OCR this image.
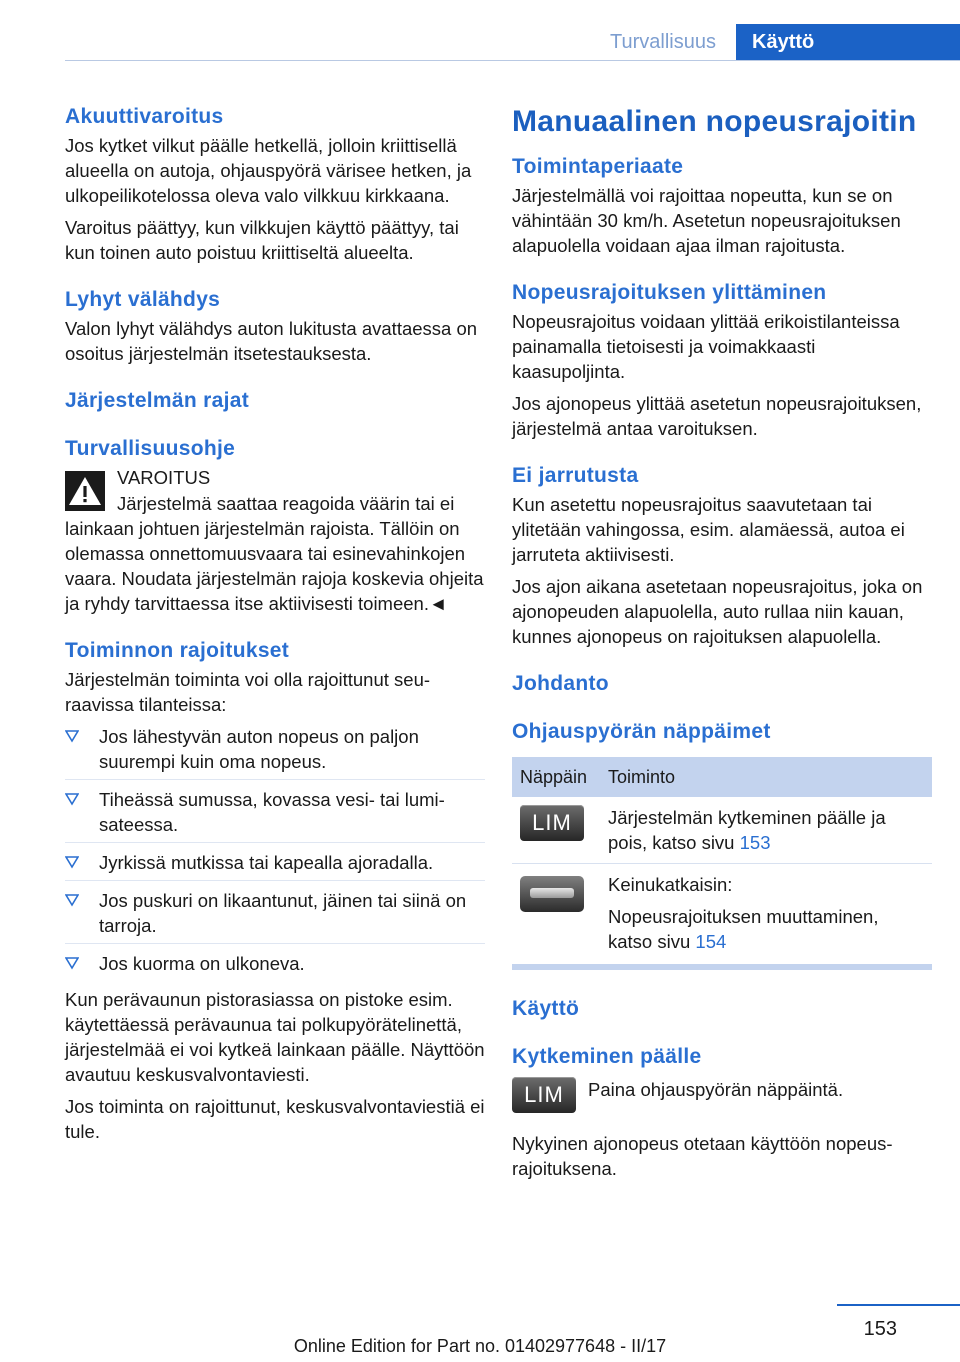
Turvallisuus	Käyttö
Akuuttivaroitus

Jos kytket vilkut päälle hetkellä, jolloin kriittisellä alueella on autoja, ohjauspyörä värisee hetken, ja ulkopeilikotelossa oleva valo vilkkuu kirkkaana.

Varoitus päättyy, kun vilkkujen käyttö päättyy, tai kun toinen auto poistuu kriittiseltä alueelta.

Lyhyt välähdys

Valon lyhyt välähdys auton lukitusta avattaessa on osoitus järjestelmän itsetestauksesta.

Järjestelmän rajat
Turvallisuusohje

VAROITUS

Järjestelmä saattaa reagoida väärin tai ei lainkaan johtuen järjestelmän rajoista. Tällöin on olemassa onnettomuusvaara tai esinevahinkojen vaara. Noudata järjestelmän rajoja koskevia ohjeita ja ryhdy tarvittaessa itse aktiivisesti toimeen.◄

Toiminnon rajoitukset

Järjestelmän toiminta voi olla rajoittunut seuraavissa tilanteissa:

Jos lähestyvän auton nopeus on paljon suurempi kuin oma nopeus.
Tiheässä sumussa, kovassa vesi- tai lumisateessa.
Jyrkissä mutkissa tai kapealla ajoradalla.
Jos puskuri on likaantunut, jäinen tai siinä on tarroja.
Jos kuorma on ulkoneva.

Kun perävaunun pistorasiassa on pistoke esim. käytettäessä perävaunua tai polkupyörätelinettä, järjestelmää ei voi kytkeä lainkaan päälle. Näyttöön avautuu keskusvalvontaviesti.

Jos toiminta on rajoittunut, keskusvalvontaviestiä ei tule.

Manuaalinen nopeusrajoitin
Toimintaperiaate

Järjestelmällä voi rajoittaa nopeutta, kun se on vähintään 30 km/h. Asetetun nopeusrajoituksen alapuolella voidaan ajaa ilman rajoitusta.

Nopeusrajoituksen ylittäminen

Nopeusrajoitus voidaan ylittää erikoistilanteissa painamalla tietoisesti ja voimakkaasti kaasupoljinta.

Jos ajonopeus ylittää asetetun nopeusrajoituksen, järjestelmä antaa varoituksen.

Ei jarrutusta

Kun asetettu nopeusrajoitus saavutetaan tai ylitetään vahingossa, esim. alamäessä, autoa ei jarruteta aktiivisesti.

Jos ajon aikana asetetaan nopeusrajoitus, joka on ajonopeuden alapuolella, auto rullaa niin kauan, kunnes ajonopeus on rajoituksen alapuolella.

Johdanto
Ohjauspyörän näppäimet
Näppäin	Toiminto
LIM	Järjestelmän kytkeminen päälle ja pois, katso sivu 153

	Keinukatkaisin:

Nopeusrajoituksen muuttaminen, katso sivu 154
Käyttö
Kytkeminen päälle
LIM	Paina ohjauspyörän näppäintä.

Nykyinen ajonopeus otetaan käyttöön nopeusrajoituksena.

153
Online Edition for Part no. 01402977648 - II/17
